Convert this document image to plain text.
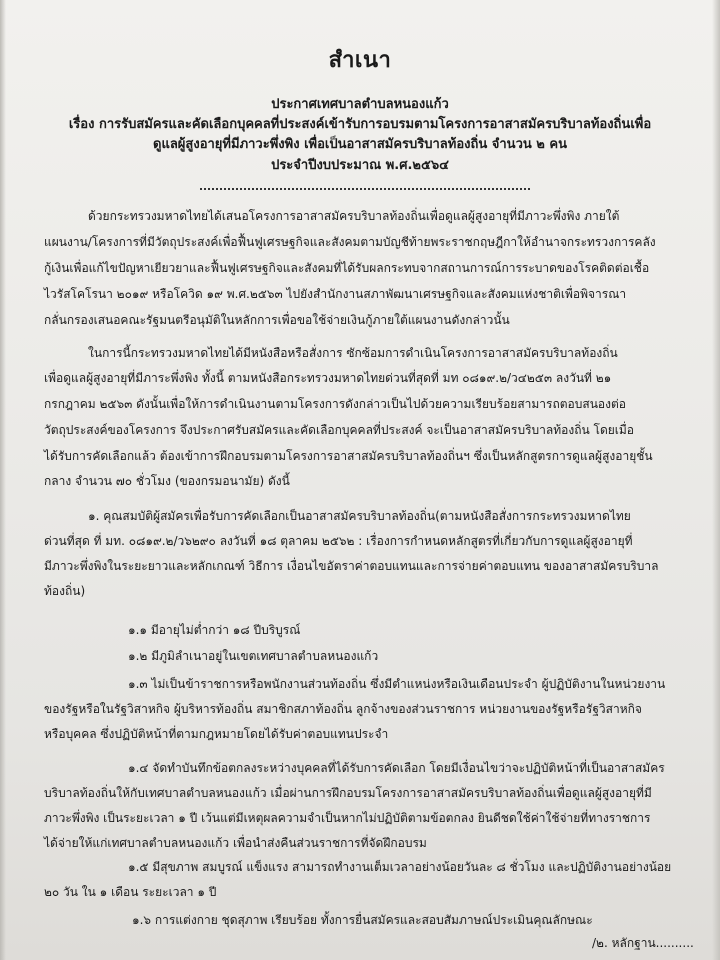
สำเนา
ประกาศเทศบาลตำบลหนองแก้ว
เรื่อง การรับสมัครและคัดเลือกบุคคลที่ประสงค์เข้ารับการอบรมตามโครงการอาสาสมัครบริบาลท้องถิ่นเพื่อ
ดูแลผู้สูงอายุที่มีภาวะพึ่งพิง เพื่อเป็นอาสาสมัครบริบาลท้องถิ่น จำนวน ๒ คน
ประจำปีงบประมาณ พ.ศ.๒๕๖๔
ด้วยกระทรวงมหาดไทยได้เสนอโครงการอาสาสมัครบริบาลท้องถิ่นเพื่อดูแลผู้สูงอายุที่มีภาวะพึ่งพิง ภายใต้
แผนงาน/โครงการที่มีวัตถุประสงค์เพื่อฟื้นฟูเศรษฐกิจและสังคมตามบัญชีท้ายพระราชกฤษฎีกาให้อำนาจกระทรวงการคลัง
กู้เงินเพื่อแก้ไขปัญหาเยียวยาและฟื้นฟูเศรษฐกิจและสังคมที่ได้รับผลกระทบจากสถานการณ์การระบาดของโรคติดต่อเชื้อ
ไวรัสโคโรนา ๒๐๑๙ หรือโควิด ๑๙ พ.ศ.๒๕๖๓ ไปยังสำนักงานสภาพัฒนาเศรษฐกิจและสังคมแห่งชาติเพื่อพิจารณา
กลั่นกรองเสนอคณะรัฐมนตรีอนุมัติในหลักการเพื่อขอใช้จ่ายเงินกู้ภายใต้แผนงานดังกล่าวนั้น
ในการนี้กระทรวงมหาดไทยได้มีหนังสือหรือสั่งการ ซักซ้อมการดำเนินโครงการอาสาสมัครบริบาลท้องถิ่น
เพื่อดูแลผู้สูงอายุที่มีภาระพึ่งพิง ทั้งนี้ ตามหนังสือกระทรวงมหาดไทยด่วนที่สุดที่ มท ๐๘๑๙.๒/ว๔๒๕๓ ลงวันที่ ๒๑
กรกฎาคม ๒๕๖๓ ดังนั้นเพื่อให้การดำเนินงานตามโครงการดังกล่าวเป็นไปด้วยความเรียบร้อยสามารถตอบสนองต่อ
วัตถุประสงค์ของโครงการ จึงประกาศรับสมัครและคัดเลือกบุคคลที่ประสงค์ จะเป็นอาสาสมัครบริบาลท้องถิ่น โดยเมื่อ
ได้รับการคัดเลือกแล้ว ต้องเข้าการฝึกอบรมตามโครงการอาสาสมัครบริบาลท้องถิ่นฯ ซึ่งเป็นหลักสูตรการดูแลผู้สูงอายุชั้น
กลาง จำนวน ๗๐ ชั่วโมง (ของกรมอนามัย) ดังนี้
๑. คุณสมบัติผู้สมัครเพื่อรับการคัดเลือกเป็นอาสาสมัครบริบาลท้องถิ่น(ตามหนังสือสั่งการกระทรวงมหาดไทย
ด่วนที่สุด ที่ มท. ๐๘๑๙.๒/ว๖๒๙๐ ลงวันที่ ๑๘ ตุลาคม ๒๕๖๒ : เรื่องการกำหนดหลักสูตรที่เกี่ยวกับการดูแลผู้สูงอายุที่
มีภาวะพึ่งพิงในระยะยาวและหลักเกณฑ์ วิธีการ เงื่อนไขอัตราค่าตอบแทนและการจ่ายค่าตอบแทน ของอาสาสมัครบริบาล
ท้องถิ่น)
๑.๑ มีอายุไม่ต่ำกว่า ๑๘ ปีบริบูรณ์
๑.๒ มีภูมิลำเนาอยู่ในเขตเทศบาลตำบลหนองแก้ว
๑.๓ ไม่เป็นข้าราชการหรือพนักงานส่วนท้องถิ่น ซึ่งมีตำแหน่งหรือเงินเดือนประจำ ผู้ปฏิบัติงานในหน่วยงาน
ของรัฐหรือในรัฐวิสาหกิจ ผู้บริหารท้องถิ่น สมาชิกสภาท้องถิ่น ลูกจ้างของส่วนราชการ หน่วยงานของรัฐหรือรัฐวิสาหกิจ
หรือบุคคล ซึ่งปฏิบัติหน้าที่ตามกฎหมายโดยได้รับค่าตอบแทนประจำ
๑.๔ จัดทำบันทึกข้อตกลงระหว่างบุคคลที่ได้รับการคัดเลือก โดยมีเงื่อนไขว่าจะปฏิบัติหน้าที่เป็นอาสาสมัคร
บริบาลท้องถิ่นให้กับเทศบาลตำบลหนองแก้ว เมื่อผ่านการฝึกอบรมโครงการอาสาสมัครบริบาลท้องถิ่นเพื่อดูแลผู้สูงอายุที่มี
ภาวะพึ่งพิง เป็นระยะเวลา ๑ ปี เว้นแต่มีเหตุผลความจำเป็นหากไม่ปฏิบัติตามข้อตกลง ยินดีชดใช้ค่าใช้จ่ายที่ทางราชการ
ได้จ่ายให้แก่เทศบาลตำบลหนองแก้ว เพื่อนำส่งคืนส่วนราชการที่จัดฝึกอบรม
๑.๕ มีสุขภาพ สมบูรณ์ แข็งแรง สามารถทำงานเต็มเวลาอย่างน้อยวันละ ๘ ชั่วโมง และปฏิบัติงานอย่างน้อย
๒๐ วัน ใน ๑ เดือน ระยะเวลา ๑ ปี
๑.๖ การแต่งกาย ชุดสุภาพ เรียบร้อย ทั้งการยื่นสมัครและสอบสัมภาษณ์ประเมินคุณลักษณะ
/๒. หลักฐาน..........
